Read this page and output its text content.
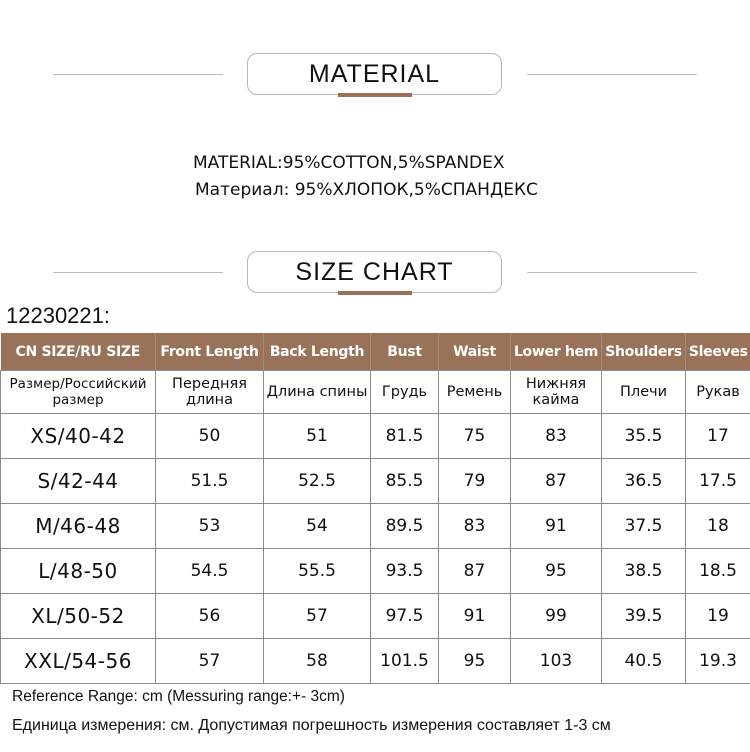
MATERIAL
MATERIAL:95%COTTON,5%SPANDEX
Материал: 95%ХЛОПОК,5%СПАНДЕКС
SIZE CHART
12230221:
CN SIZE/RU SIZE	Front Length	Back Length	Bust	Waist	Lower hem	Shoulders	Sleeves
Размер/Российский размер	Передняя длина	Длина спины	Грудь	Ремень	Нижняя кайма	Плечи	Рукав
XS/40-42	50	51	81.5	75	83	35.5	17
S/42-44	51.5	52.5	85.5	79	87	36.5	17.5
M/46-48	53	54	89.5	83	91	37.5	18
L/48-50	54.5	55.5	93.5	87	95	38.5	18.5
XL/50-52	56	57	97.5	91	99	39.5	19
XXL/54-56	57	58	101.5	95	103	40.5	19.3
Reference Range: cm (Messuring range:+- 3cm)
Единица измерения: см. Допустимая погрешность измерения составляет 1-3 см
